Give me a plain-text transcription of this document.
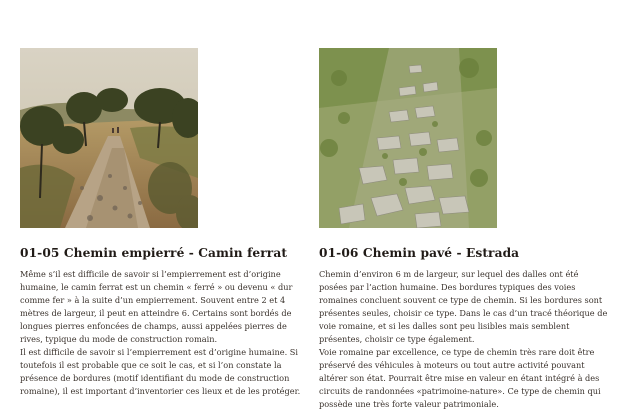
01-05 Chemin empierré - Camin ferrat

Même s’il est difficile de savoir si l’empierrement est d’origine humaine, le camin ferrat est un chemin « ferré » ou devenu « dur comme fer » à la suite d’un empierrement. Souvent entre 2 et 4 mètres de largeur, il peut en atteindre 6. Certains sont bordés de longues pierres enfoncées de champs, aussi appelées pierres de rives, typique du mode de construction romain.

Il est difficile de savoir si l’empierrement est d’origine humaine. Si toutefois il est probable que ce soit le cas, et si l’on constate la présence de bordures (motif identifiant du mode de construction romaine), il est important d’inventorier ces lieux et de les protéger.

01-06 Chemin pavé - Estrada

Chemin d’environ 6 m de largeur, sur lequel des dalles ont été posées par l’action humaine. Des bordures typiques des voies romaines concluent souvent ce type de chemin. Si les bordures sont présentes seules, choisir ce type. Dans le cas d’un tracé théorique de voie romaine, et si les dalles sont peu lisibles mais semblent présentes, choisir ce type également.

Voie romaine par excellence, ce type de chemin très rare doit être préservé des véhicules à moteurs ou tout autre activité pouvant altérer son état. Pourrait être mise en valeur en étant intégré à des circuits de randonnées «patrimoine-nature». Ce type de chemin qui possède une très forte valeur patrimoniale.
